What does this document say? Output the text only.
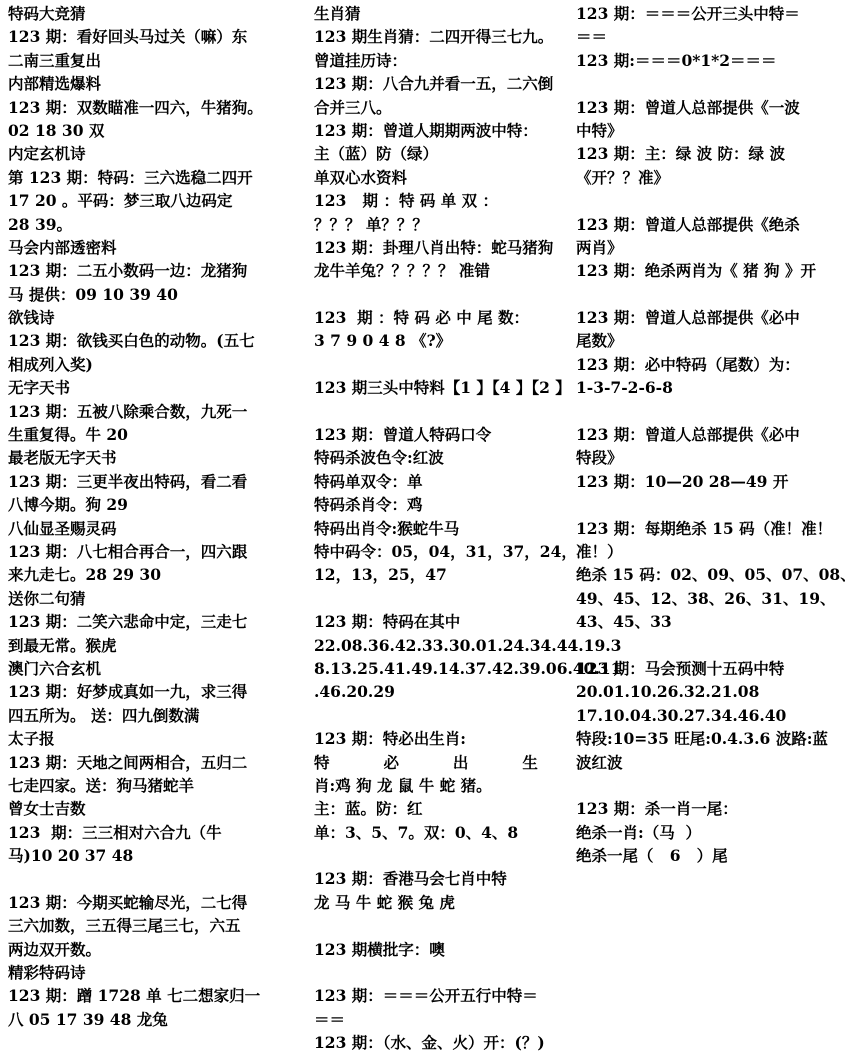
特码大竞猜
123 期：看好回头马过关（嘛）东
二南三重复出
内部精选爆料
123 期：双数瞄准一四六，牛猪狗。
02 18 30 双
内定玄机诗
第 123 期：特码：三六选稳二四开
17 20 。平码：梦三取八边码定
28 39。
马会内部透密料
123 期：二五小数码一边：龙猪狗
马 提供：09 10 39 40
欲钱诗
123 期：欲钱买白色的动物。(五七
相成列入奖)
无字天书
123 期：五被八除乘合数，九死一
生重复得。牛 20
最老版无字天书
123 期：三更半夜出特码，看二看
八博今期。狗 29
八仙显圣赐灵码
123 期：八七相合再合一，四六跟
来九走七。28 29 30
送你二句猜
123 期：二笑六悲命中定，三走七
到最无常。猴虎
澳门六合玄机
123 期：好梦成真如一九，求三得
四五所为。 送：四九倒数满
太子报
123 期：天地之间两相合，五归二
七走四家。送：狗马猪蛇羊
曾女士吉数
123  期：三三相对六合九（牛
马)10 20 37 48
123 期：今期买蛇输尽光，二七得
三六加数，三五得三尾三七，六五
两边双开数。
精彩特码诗
123 期：蹭 1728 单 七二想家归一
八 05 17 39 48 龙兔
生肖猜
123 期生肖猜：二四开得三七九。
曾道挂历诗：
123 期：八合九并看一五，二六倒
合并三八。
123 期：曾道人期期两波中特：
主（蓝）防（绿）
单双心水资料
123   期 ：特 码 单 双 ：
？？？ 单？？？
123 期：卦理八肖出特：蛇马猪狗
龙牛羊兔？？？？？ 准错
123  期 ：特 码 必 中 尾 数：
3 7 9 0 4 8 《?》
123 期三头中特料【1 】【4 】【2 】
123 期：曾道人特码口令
特码杀波色令:红波
特码单双令：单
特码杀肖令：鸡
特码出肖令:猴蛇牛马
特中码令：05，04，31，37，24，
12，13，25，47
123 期：特码在其中
22.08.36.42.33.30.01.24.34.44.19.3
8.13.25.41.49.14.37.42.39.06.40.11
.46.20.29
123 期：特必出生肖:
特          必          出          生
肖:鸡 狗 龙 鼠 牛 蛇 猪。
主：蓝。防：红
单：3、5、7。双：0、4、8
123 期：香港马会七肖中特
龙 马 牛 蛇 猴 兔 虎
123 期横批字：噢
123 期：＝＝＝公开五行中特＝
＝＝
123 期：（水、金、火）开：(？)
123 期：＝＝＝公开三头中特＝
＝＝
123 期:＝＝＝0*1*2＝＝＝
123 期：曾道人总部提供《一波
中特》
123 期：主：绿 波 防：绿 波
《开？？准》
123 期：曾道人总部提供《绝杀
两肖》
123 期：绝杀两肖为《 猪 狗 》开
123 期：曾道人总部提供《必中
尾数》
123 期：必中特码（尾数）为：
1-3-7-2-6-8
123 期：曾道人总部提供《必中
特段》
123 期：10—20 28—49 开
123 期：每期绝杀 15 码（准！准！
准！）
绝杀 15 码：02、09、05、07、08、
49、45、12、38、26、31、19、
43、45、33
123 期：马会预测十五码中特
20.01.10.26.32.21.08
17.10.04.30.27.34.46.40
特段:10=35 旺尾:0.4.3.6 波路:蓝
波红波
123 期：杀一肖一尾：
绝杀一肖:（马  ）
绝杀一尾（   6   ）尾
